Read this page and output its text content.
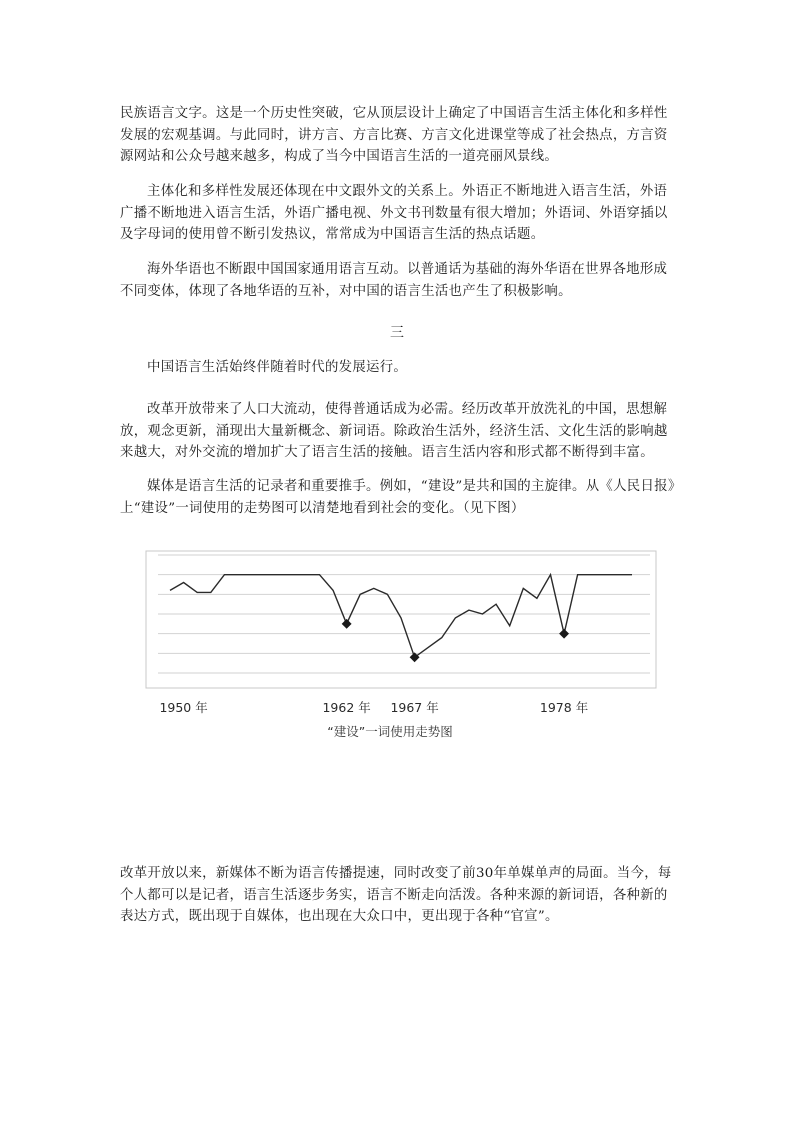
民族语言文字。这是一个历史性突破，它从顶层设计上确定了中国语言生活主体化和多样性发展的宏观基调。与此同时，讲方言、方言比赛、方言文化进课堂等成了社会热点，方言资源网站和公众号越来越多，构成了当今中国语言生活的一道亮丽风景线。

主体化和多样性发展还体现在中文跟外文的关系上。外语正不断地进入语言生活，外语广播不断地进入语言生活，外语广播电视、外文书刊数量有很大增加；外语词、外语穿插以及字母词的使用曾不断引发热议，常常成为中国语言生活的热点话题。

海外华语也不断跟中国国家通用语言互动。以普通话为基础的海外华语在世界各地形成不同变体，体现了各地华语的互补，对中国的语言生活也产生了积极影响。

三

中国语言生活始终伴随着时代的发展运行。

改革开放带来了人口大流动，使得普通话成为必需。经历改革开放洗礼的中国，思想解放，观念更新，涌现出大量新概念、新词语。除政治生活外，经济生活、文化生活的影响越来越大，对外交流的增加扩大了语言生活的接触。语言生活内容和形式都不断得到丰富。

媒体是语言生活的记录者和重要推手。例如，“建设”是共和国的主旋律。从《人民日报》上“建设”一词使用的走势图可以清楚地看到社会的变化。（见下图）

1950 年	1962 年 1967 年	1978 年
“建设”一词使用走势图

改革开放以来，新媒体不断为语言传播提速，同时改变了前30年单媒单声的局面。当今，每个人都可以是记者，语言生活逐步务实，语言不断走向活泼。各种来源的新词语，各种新的表达方式，既出现于自媒体，也出现在大众口中，更出现于各种“官宣”。
